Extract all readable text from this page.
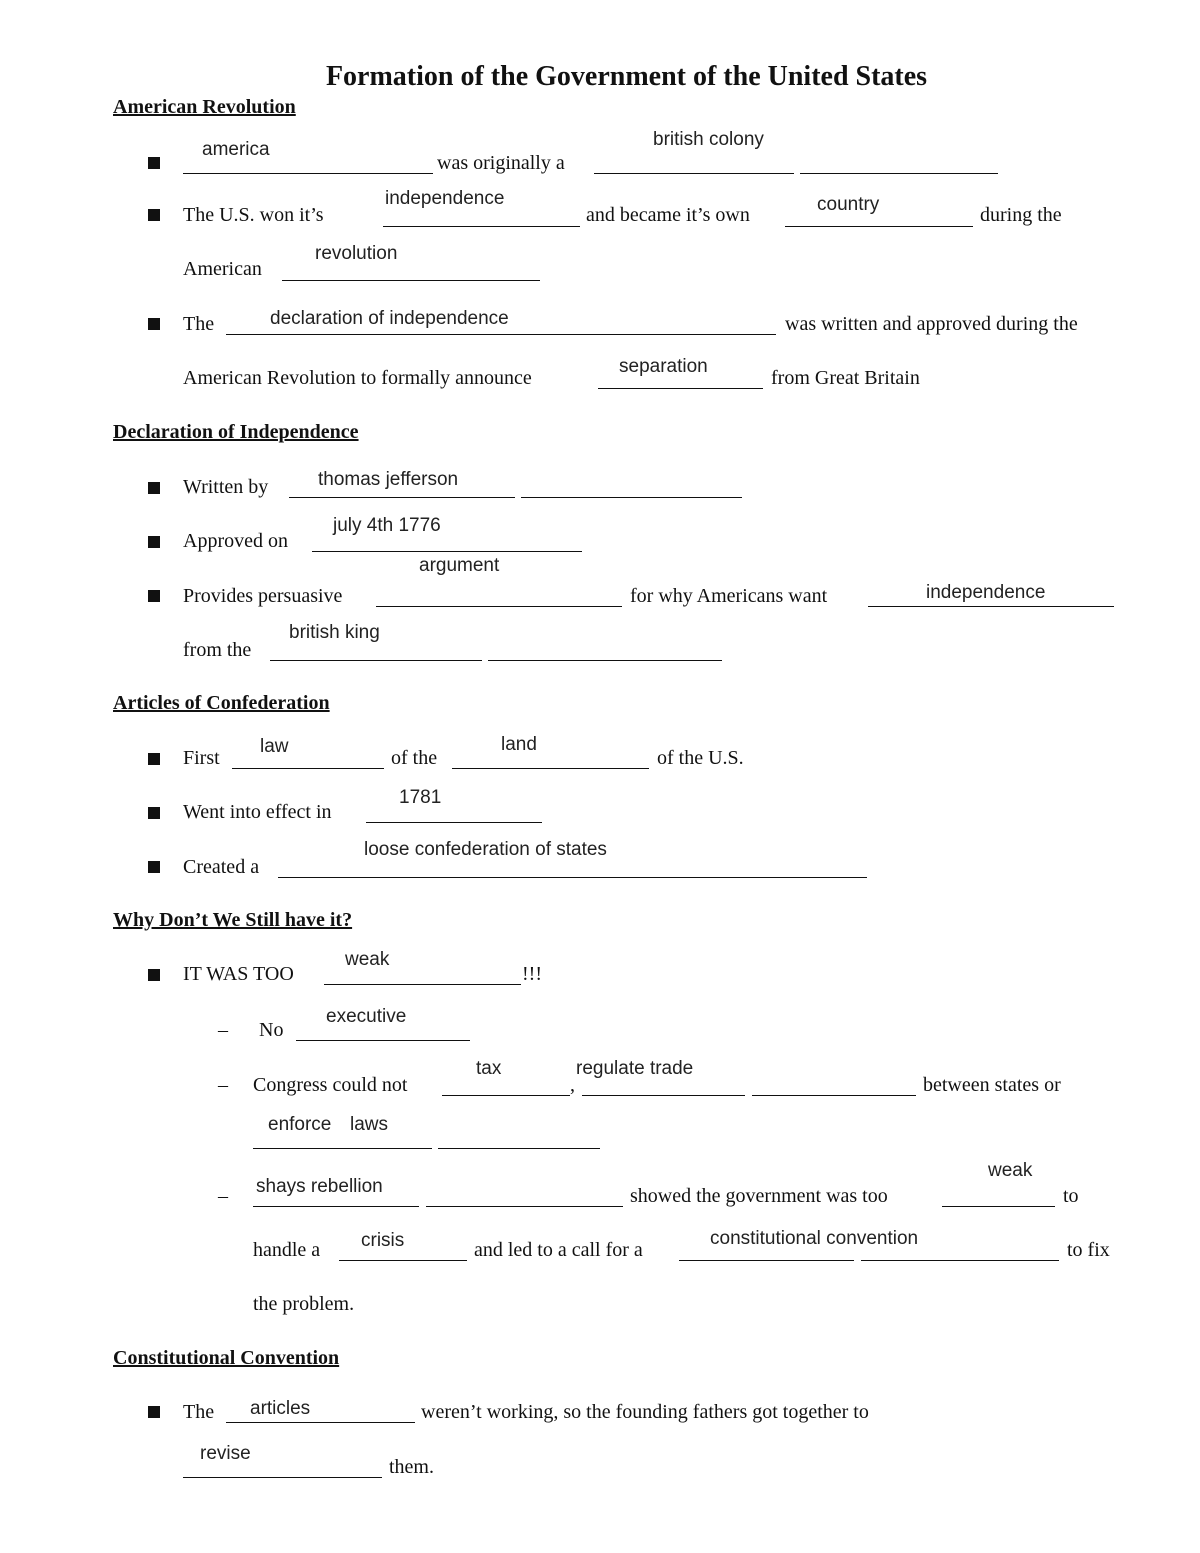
Formation of the Government of the United States
American Revolution
america
was originally a
british colony
The U.S. won it’s
independence
and became it’s own	country	during the
American
revolution
The	declaration of independence	was written and approved during the
American Revolution to formally announce
separation
from Great Britain
Declaration of Independence
Written by	thomas jefferson
Approved on
july 4th 1776
Provides persuasive
argument
for why Americans want	independence
from the
british king
Articles of Confederation
First
law
of the
land
of the U.S.
Went into effect in
1781
Created a
loose confederation of states
Why Don’t We Still have it?
IT WAS TOO
weak
!!!
– No
executive
– Congress could not
tax
,
regulate trade
between states or
enforce laws
– shays rebellion	showed the government was too
weak
to
handle a crisis	and led to a call for a
constitutional convention
to fix
the problem.
Constitutional Convention
The articles	weren’t working, so the founding fathers got together to
revise
them.
